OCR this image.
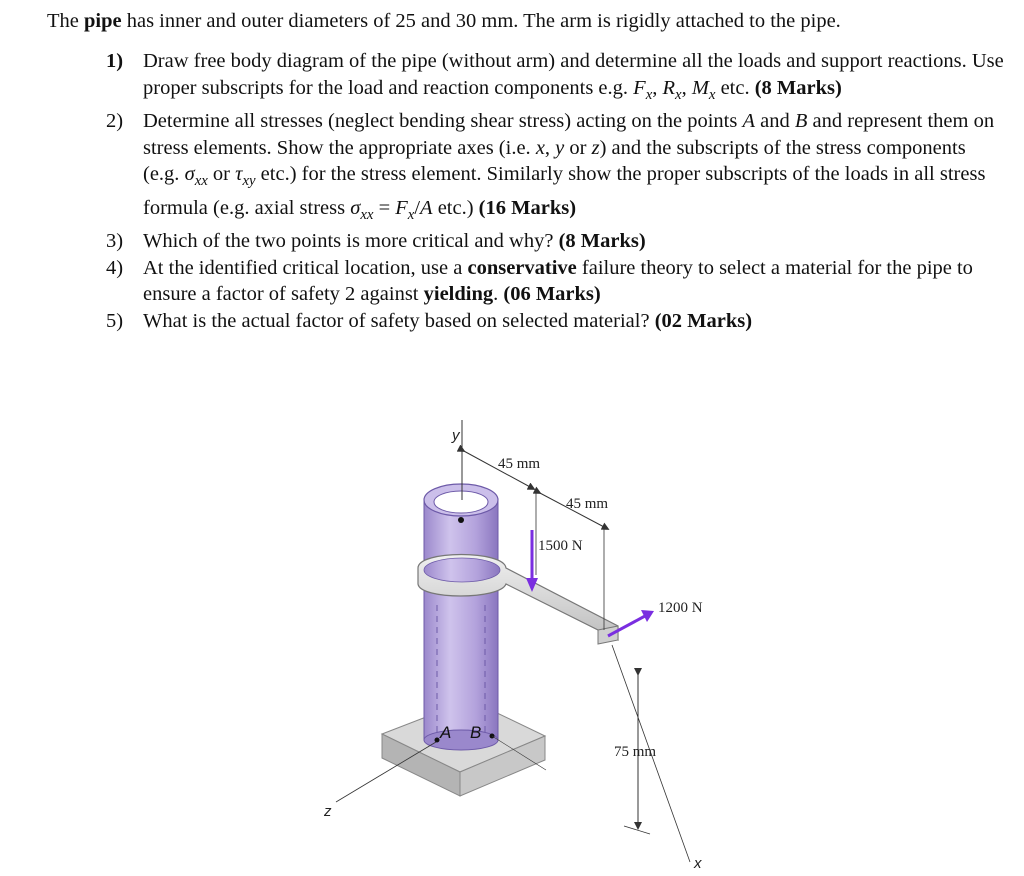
The pipe has inner and outer diameters of 25 and 30 mm. The arm is rigidly attached to the pipe.
1) Draw free body diagram of the pipe (without arm) and determine all the loads and support reactions. Use proper subscripts for the load and reaction components e.g. $F_x$, $R_x$, $M_x$ etc. (8 Marks)
2) Determine all stresses (neglect bending shear stress) acting on the points A and B and represent them on stress elements. Show the appropriate axes (i.e. x, y or z) and the subscripts of the stress components (e.g. $\sigma_{xx}$ or $\tau_{xy}$ etc.) for the stress element. Similarly show the proper subscripts of the loads in all stress formula (e.g. axial stress $\sigma_{xx} = F_x/A$ etc.) (16 Marks)
3) Which of the two points is more critical and why? (8 Marks)
4) At the identified critical location, use a conservative failure theory to select a material for the pipe to ensure a factor of safety 2 against yielding. (06 Marks)
5) What is the actual factor of safety based on selected material? (02 Marks)
y
45 mm
45 mm
1500 N
1200 N
x
75 mm
z
A B
